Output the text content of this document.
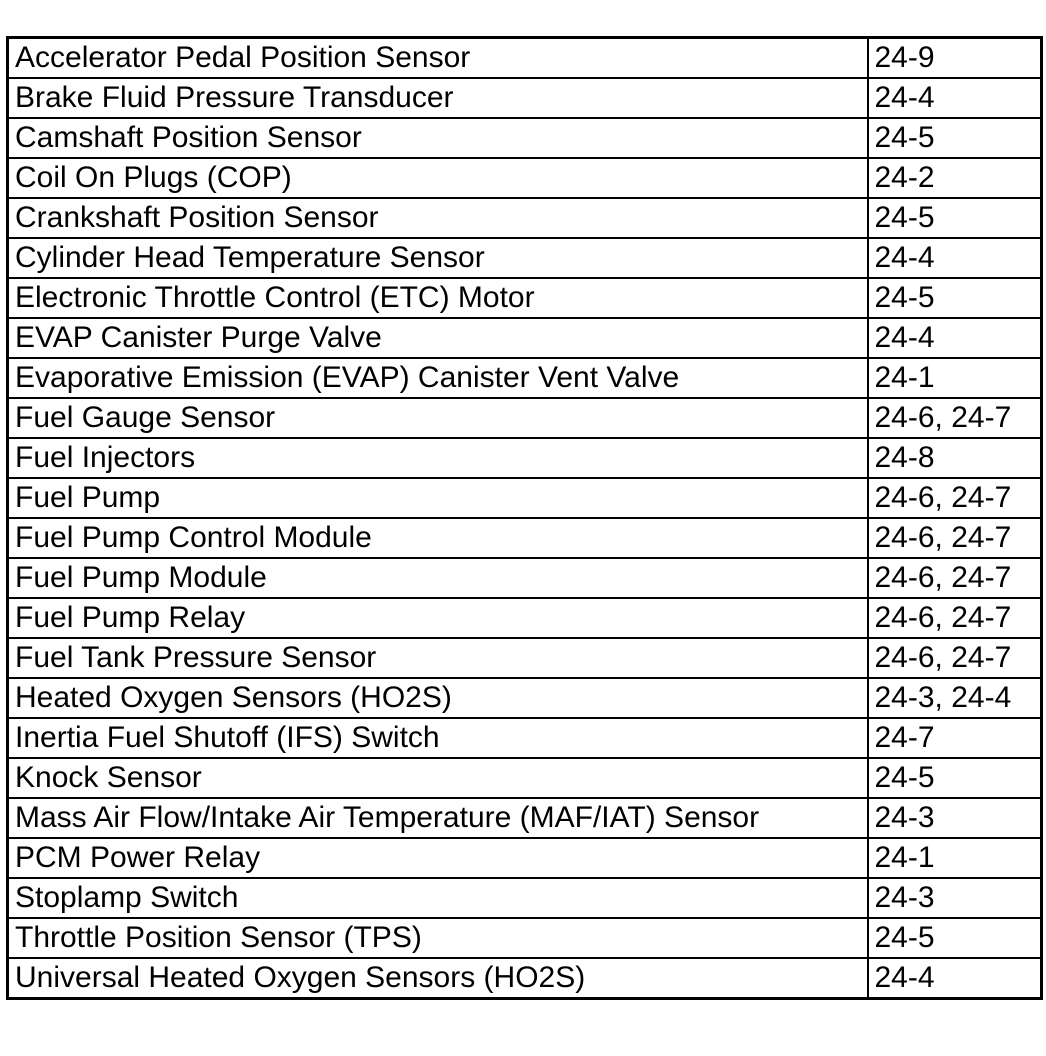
Accelerator Pedal Position Sensor	24-9
Brake Fluid Pressure Transducer	24-4
Camshaft Position Sensor	24-5
Coil On Plugs (COP)	24-2
Crankshaft Position Sensor	24-5
Cylinder Head Temperature Sensor	24-4
Electronic Throttle Control (ETC) Motor	24-5
EVAP Canister Purge Valve	24-4
Evaporative Emission (EVAP) Canister Vent Valve	24-1
Fuel Gauge Sensor	24-6, 24-7
Fuel Injectors	24-8
Fuel Pump	24-6, 24-7
Fuel Pump Control Module	24-6, 24-7
Fuel Pump Module	24-6, 24-7
Fuel Pump Relay	24-6, 24-7
Fuel Tank Pressure Sensor	24-6, 24-7
Heated Oxygen Sensors (HO2S)	24-3, 24-4
Inertia Fuel Shutoff (IFS) Switch	24-7
Knock Sensor	24-5
Mass Air Flow/Intake Air Temperature (MAF/IAT) Sensor	24-3
PCM Power Relay	24-1
Stoplamp Switch	24-3
Throttle Position Sensor (TPS)	24-5
Universal Heated Oxygen Sensors (HO2S)	24-4
